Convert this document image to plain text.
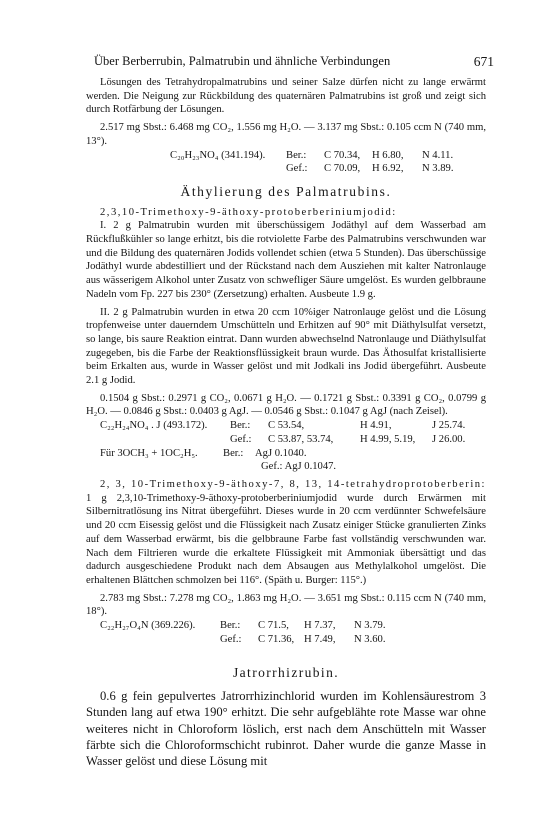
Über Berberrubin, Palmatrubin und ähnliche Verbindungen	671

Lösungen des Tetrahydropalmatrubins und seiner Salze dürfen nicht zu lange erwärmt werden. Die Neigung zur Rückbildung des quaternären Palmatrubins ist groß und zeigt sich durch Rotfärbung der Lösungen.

2.517 mg Sbst.: 6.468 mg CO₂, 1.556 mg H₂O. — 3.137 mg Sbst.: 0.105 ccm N (740 mm, 13°).

C₂₀H₂₃NO₄ (341.194).	Ber.:	C 70.34,	H 6.80,	N 4.11.
Gef.:	C 70.09,	H 6.92,	N 3.89.
Äthylierung des Palmatrubins.

2,3,10-Trimethoxy-9-äthoxy-protoberberiniumjodid:

I. 2 g Palmatrubin wurden mit überschüssigem Jodäthyl auf dem Wasserbad am Rückflußkühler so lange erhitzt, bis die rotviolette Farbe des Palmatrubins verschwunden war und die Bildung des quaternären Jodids vollendet schien (etwa 5 Stunden). Das überschüssige Jodäthyl wurde abdestilliert und der Rückstand nach dem Ausziehen mit kalter Natronlauge aus wässerigem Alkohol unter Zusatz von schwefliger Säure umgelöst. Es wurden gelbbraune Nadeln vom Fp. 227 bis 230° (Zersetzung) erhalten. Ausbeute 1.9 g.

II. 2 g Palmatrubin wurden in etwa 20 ccm 10%iger Natronlauge gelöst und die Lösung tropfenweise unter dauerndem Umschütteln und Erhitzen auf 90° mit Diäthylsulfat versetzt, so lange, bis saure Reaktion eintrat. Dann wurden abwechselnd Natronlauge und Diäthylsulfat zugegeben, bis die Farbe der Reaktionsflüssigkeit braun wurde. Das Äthosulfat kristallisierte beim Erkalten aus, wurde in Wasser gelöst und mit Jodkali ins Jodid übergeführt. Ausbeute 2.1 g Jodid.

0.1504 g Sbst.: 0.2971 g CO₂, 0.0671 g H₂O. — 0.1721 g Sbst.: 0.3391 g CO₂, 0.0799 g H₂O. — 0.0846 g Sbst.: 0.0403 g AgJ. — 0.0546 g Sbst.: 0.1047 g AgJ (nach Zeisel).

C₂₂H₂₄NO₄ . J (493.172).	Ber.:	C 53.54,	H 4.91,	J 25.74.
Gef.:	C 53.87, 53.74,	H 4.99, 5.19,	J 26.00.
Für 3OCH₃ + 1OC₂H₅. Ber.: AgJ 0.1040.
Gef.: AgJ 0.1047.

2, 3, 10-Trimethoxy-9-äthoxy-7, 8, 13, 14-tetrahydroprotoberberin: 1 g 2,3,10-Trimethoxy-9-äthoxy-protoberberiniumjodid wurde durch Erwärmen mit Silbernitratlösung ins Nitrat übergeführt. Dieses wurde in 20 ccm verdünnter Schwefelsäure und 20 ccm Eisessig gelöst und die Flüssigkeit nach Zusatz einiger Stücke granulierten Zinks auf dem Wasserbad erwärmt, bis die gelbbraune Farbe fast vollständig verschwunden war. Nach dem Filtrieren wurde die erkaltete Flüssigkeit mit Ammoniak übersättigt und das dadurch ausgeschiedene Produkt nach dem Absaugen aus Methylalkohol umgelöst. Die erhaltenen Blättchen schmolzen bei 116°. (Späth u. Burger: 115°.)

2.783 mg Sbst.: 7.278 mg CO₂, 1.863 mg H₂O. — 3.651 mg Sbst.: 0.115 ccm N (740 mm, 18°).

C₂₂H₂₇O₄N (369.226).	Ber.:	C 71.5,	H 7.37,	N 3.79.
Gef.:	C 71.36, H 7.49,	N 3.60.
Jatrorrhizrubin.

0.6 g fein gepulvertes Jatrorrhizinchlorid wurden im Kohlensäurestrom 3 Stunden lang auf etwa 190° erhitzt. Die sehr aufgeblähte rote Masse war ohne weiteres nicht in Chloroform löslich, erst nach dem Anschütteln mit Wasser färbte sich die Chloroformschicht rubinrot. Daher wurde die ganze Masse in Wasser gelöst und diese Lösung mit
